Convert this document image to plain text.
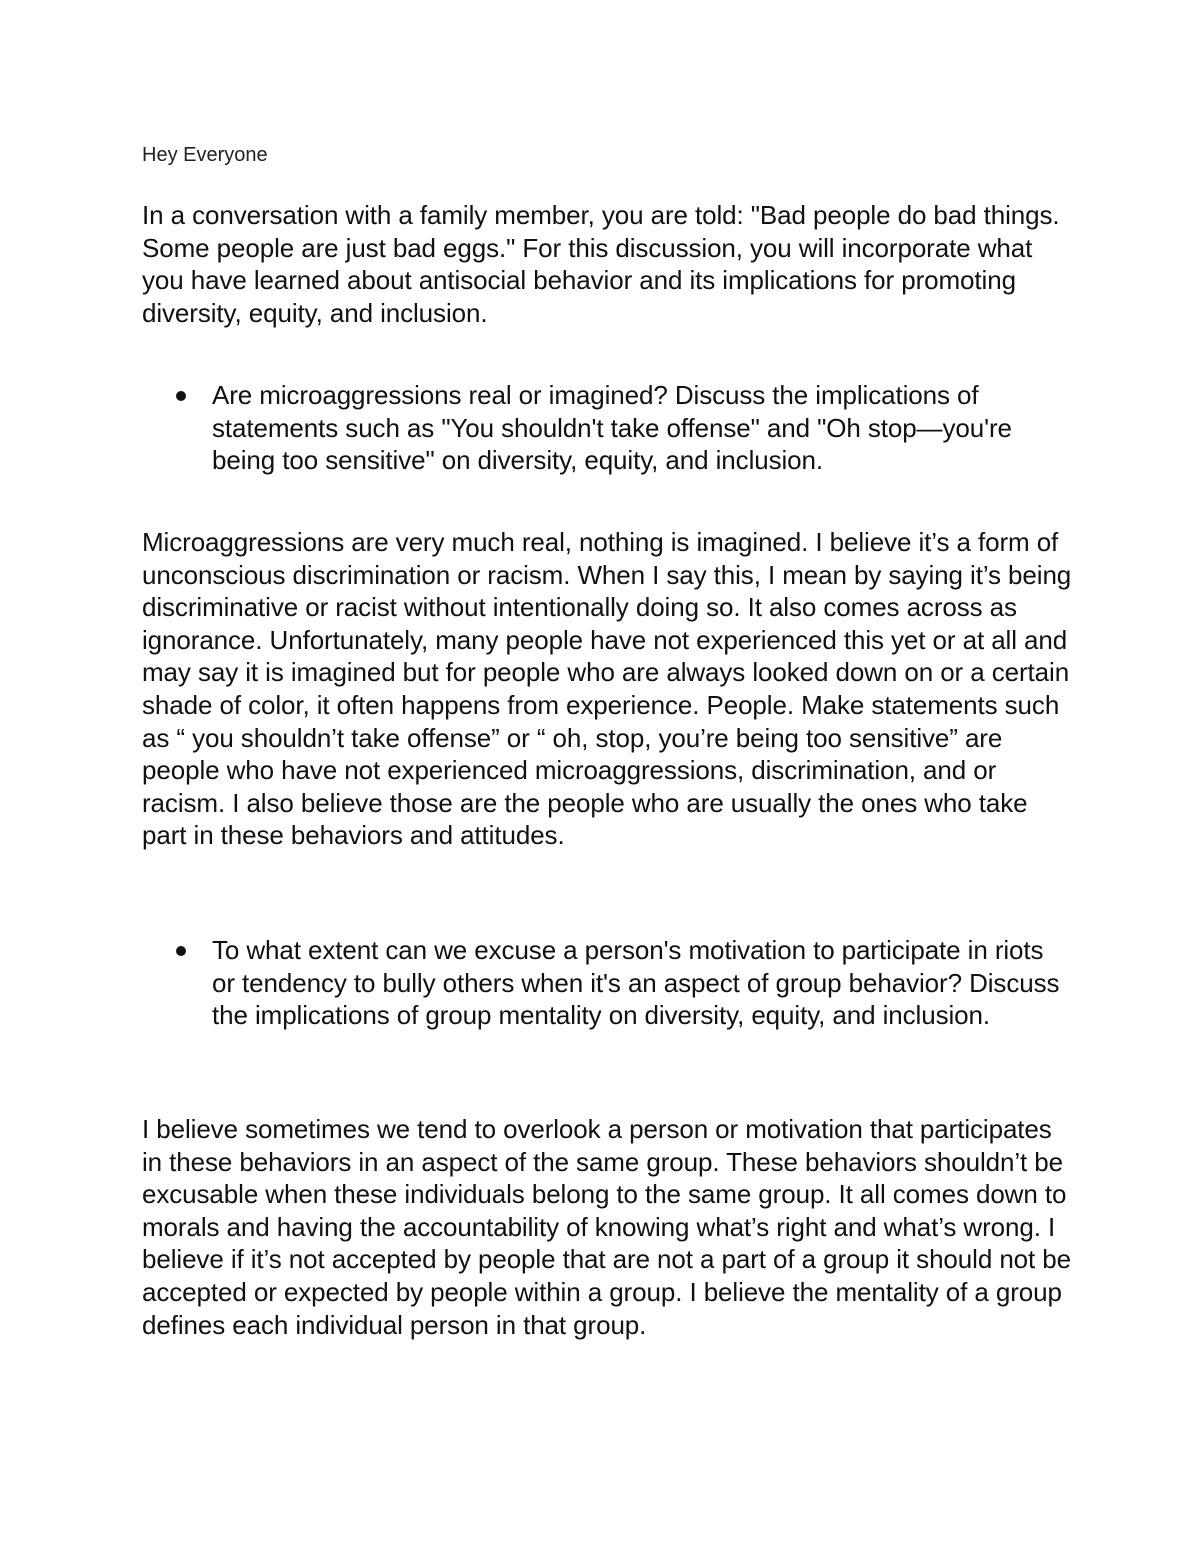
Hey Everyone

In a conversation with a family member, you are told: "Bad people do bad things. Some people are just bad eggs." For this discussion, you will incorporate what you have learned about antisocial behavior and its implications for promoting diversity, equity, and inclusion.

Are microaggressions real or imagined? Discuss the implications of statements such as "You shouldn't take offense" and "Oh stop—you're being too sensitive" on diversity, equity, and inclusion.

Microaggressions are very much real, nothing is imagined. I believe it’s a form of unconscious discrimination or racism. When I say this, I mean by saying it’s being discriminative or racist without intentionally doing so. It also comes across as ignorance. Unfortunately, many people have not experienced this yet or at all and may say it is imagined but for people who are always looked down on or a certain shade of color, it often happens from experience. People. Make statements such as “ you shouldn’t take offense” or “ oh, stop, you’re being too sensitive” are people who have not experienced microaggressions, discrimination, and or racism. I also believe those are the people who are usually the ones who take part in these behaviors and attitudes.

To what extent can we excuse a person's motivation to participate in riots or tendency to bully others when it's an aspect of group behavior? Discuss the implications of group mentality on diversity, equity, and inclusion.

I believe sometimes we tend to overlook a person or motivation that participates in these behaviors in an aspect of the same group. These behaviors shouldn’t be excusable when these individuals belong to the same group. It all comes down to morals and having the accountability of knowing what’s right and what’s wrong. I believe if it’s not accepted by people that are not a part of a group it should not be accepted or expected by people within a group. I believe the mentality of a group defines each individual person in that group.
